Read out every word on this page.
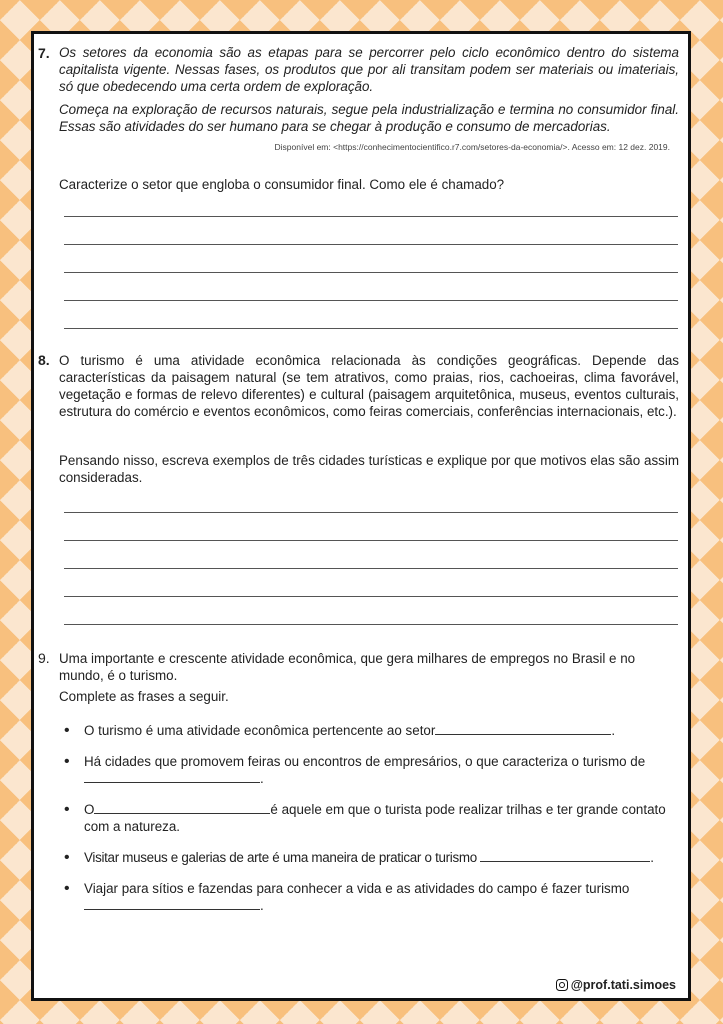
7. Os setores da economia são as etapas para se percorrer pelo ciclo econômico dentro do sistema capitalista vigente. Nessas fases, os produtos que por ali transitam podem ser materiais ou imateriais, só que obedecendo uma certa ordem de exploração.

Começa na exploração de recursos naturais, segue pela industrialização e termina no consumidor final. Essas são atividades do ser humano para se chegar à produção e consumo de mercadorias.

Disponível em: <https://conhecimentocientifico.r7.com/setores-da-economia/>. Acesso em: 12 dez. 2019.

Caracterize o setor que engloba o consumidor final. Como ele é chamado?

8. O turismo é uma atividade econômica relacionada às condições geográficas. Depende das características da paisagem natural (se tem atrativos, como praias, rios, cachoeiras, clima favorável, vegetação e formas de relevo diferentes) e cultural (paisagem arquitetônica, museus, eventos culturais, estrutura do comércio e eventos econômicos, como feiras comerciais, conferências internacionais, etc.).

Pensando nisso, escreva exemplos de três cidades turísticas e explique por que motivos elas são assim consideradas.

9. Uma importante e crescente atividade econômica, que gera milhares de empregos no Brasil e no mundo, é o turismo.

Complete as frases a seguir.

• O turismo é uma atividade econômica pertencente ao setor	.
• Há cidades que promovem feiras ou encontros de empresários, o que caracteriza o turismo de
.
• O	é aquele em que o turista pode realizar trilhas e ter grande contato com a natureza.
• Visitar museus e galerias de arte é uma maneira de praticar o turismo	.
• Viajar para sítios e fazendas para conhecer a vida e as atividades do campo é fazer turismo
.
@prof.tati.simoes
